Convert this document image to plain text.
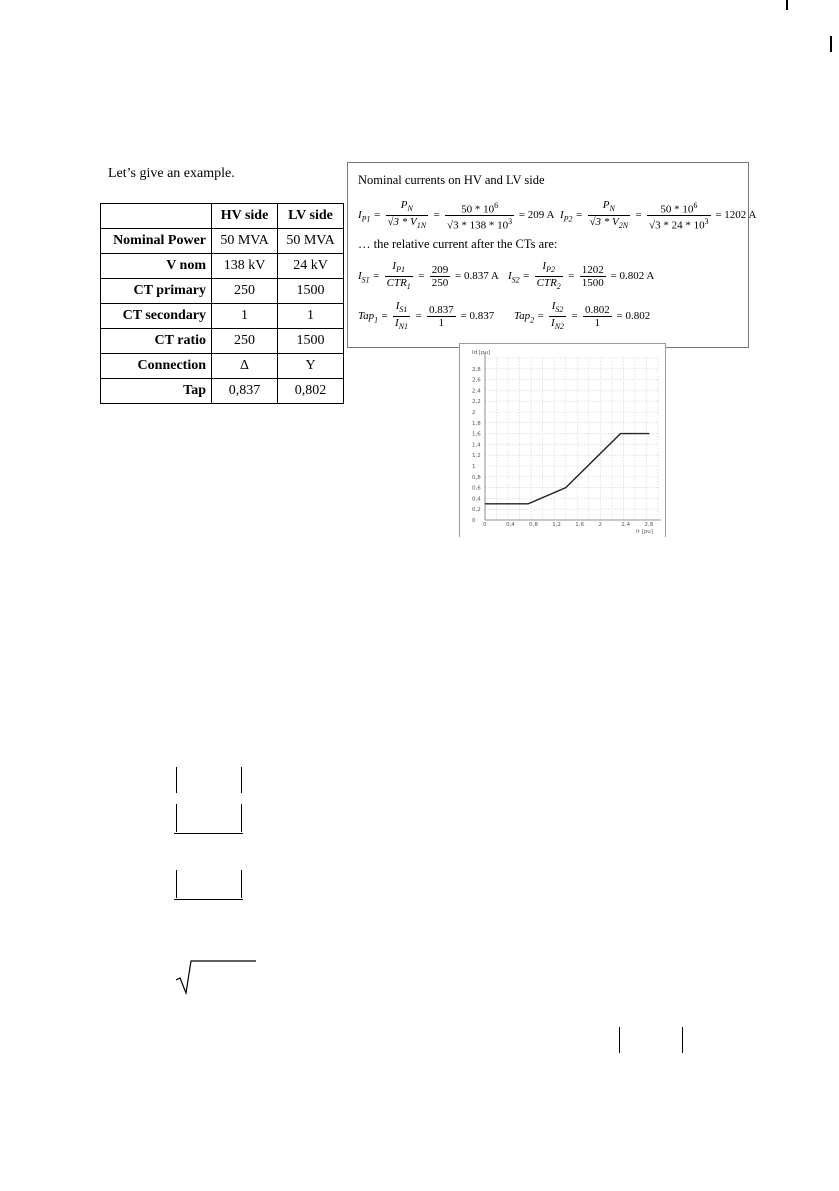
Let’s give an example.
	HV side	LV side
Nominal Power	50 MVA	50 MVA
V nom	138 kV	24 kV
CT primary	250	1500
CT secondary	1	1
CT ratio	250	1500
Connection	Δ	Y
Tap	0,837	0,802
Nominal currents on HV and LV side
$I_{P1} = \frac{P_N}{√3 * V_{1N}} = \frac{50 * 10^6}{√3 * 138 * 10^3} = 209$ A $I_{P2} = \frac{P_N}{√3 * V_{2N}} = \frac{50 * 10^6}{√3 * 24 * 10^3} = 1202$ A
… the relative current after the CTs are:
$I_{S1} = \frac{I_{P1}}{CTR_1} = \frac{209}{250} = 0.837$ A $I_{S2} = \frac{I_{P2}}{CTR_2} = \frac{1202}{1500} = 0.802$ A
$Tap_1 = \frac{I_{S1}}{I_{N1}} = \frac{0.837}{1} = 0.837$ $Tap_2 = \frac{I_{S2}}{I_{N2}} = \frac{0.802}{1} = 0.802$
0
0,2
0,4
0,6
0,8
1
1,2
1,4
1,6
1,8
2
2,2
2,4
2,6
2,8
0	0,4	0,8	1,2	1,6	2	2,4	2,8
Id [pu]
Ir [pu]
